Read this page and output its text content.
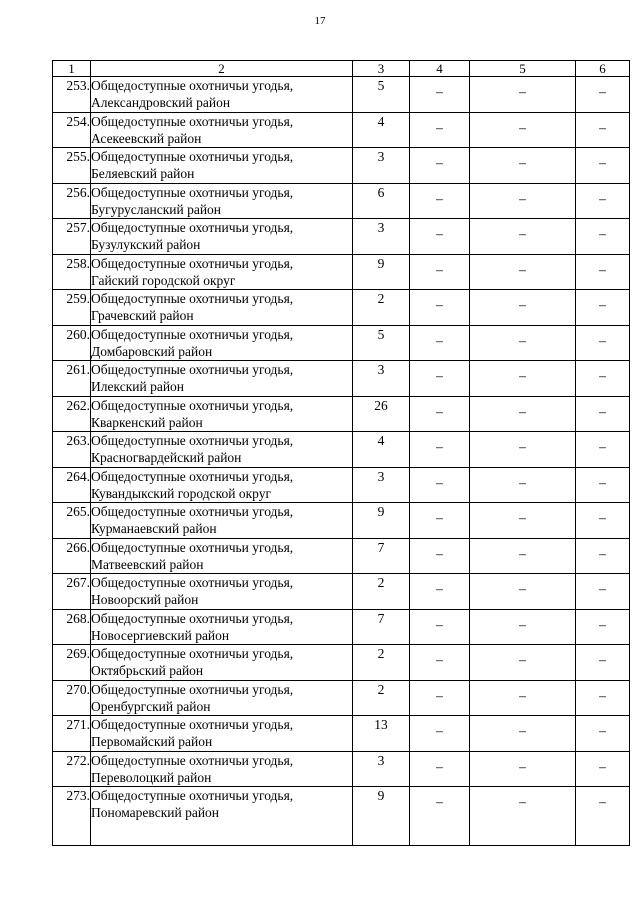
17
1	2	3	4	5	6
253.	Общедоступные охотничьи угодья,
Александровский район	5	–	–	–
254.	Общедоступные охотничьи угодья,
Асекеевский район	4	–	–	–
255.	Общедоступные охотничьи угодья,
Беляевский район	3	–	–	–
256.	Общедоступные охотничьи угодья,
Бугурусланский район	6	–	–	–
257.	Общедоступные охотничьи угодья,
Бузулукский район	3	–	–	–
258.	Общедоступные охотничьи угодья,
Гайский городской округ	9	–	–	–
259.	Общедоступные охотничьи угодья,
Грачевский район	2	–	–	–
260.	Общедоступные охотничьи угодья,
Домбаровский район	5	–	–	–
261.	Общедоступные охотничьи угодья,
Илекский район	3	–	–	–
262.	Общедоступные охотничьи угодья,
Кваркенский район	26	–	–	–
263.	Общедоступные охотничьи угодья,
Красногвардейский район	4	–	–	–
264.	Общедоступные охотничьи угодья,
Кувандыкский городской округ	3	–	–	–
265.	Общедоступные охотничьи угодья,
Курманаевский район	9	–	–	–
266.	Общедоступные охотничьи угодья,
Матвеевский район	7	–	–	–
267.	Общедоступные охотничьи угодья,
Новоорский район	2	–	–	–
268.	Общедоступные охотничьи угодья,
Новосергиевский район	7	–	–	–
269.	Общедоступные охотничьи угодья,
Октябрьский район	2	–	–	–
270.	Общедоступные охотничьи угодья,
Оренбургский район	2	–	–	–
271.	Общедоступные охотничьи угодья,
Первомайский район	13	–	–	–
272.	Общедоступные охотничьи угодья,
Переволоцкий район	3	–	–	–
273.	Общедоступные охотничьи угодья,
Пономаревский район	9	–	–	–
